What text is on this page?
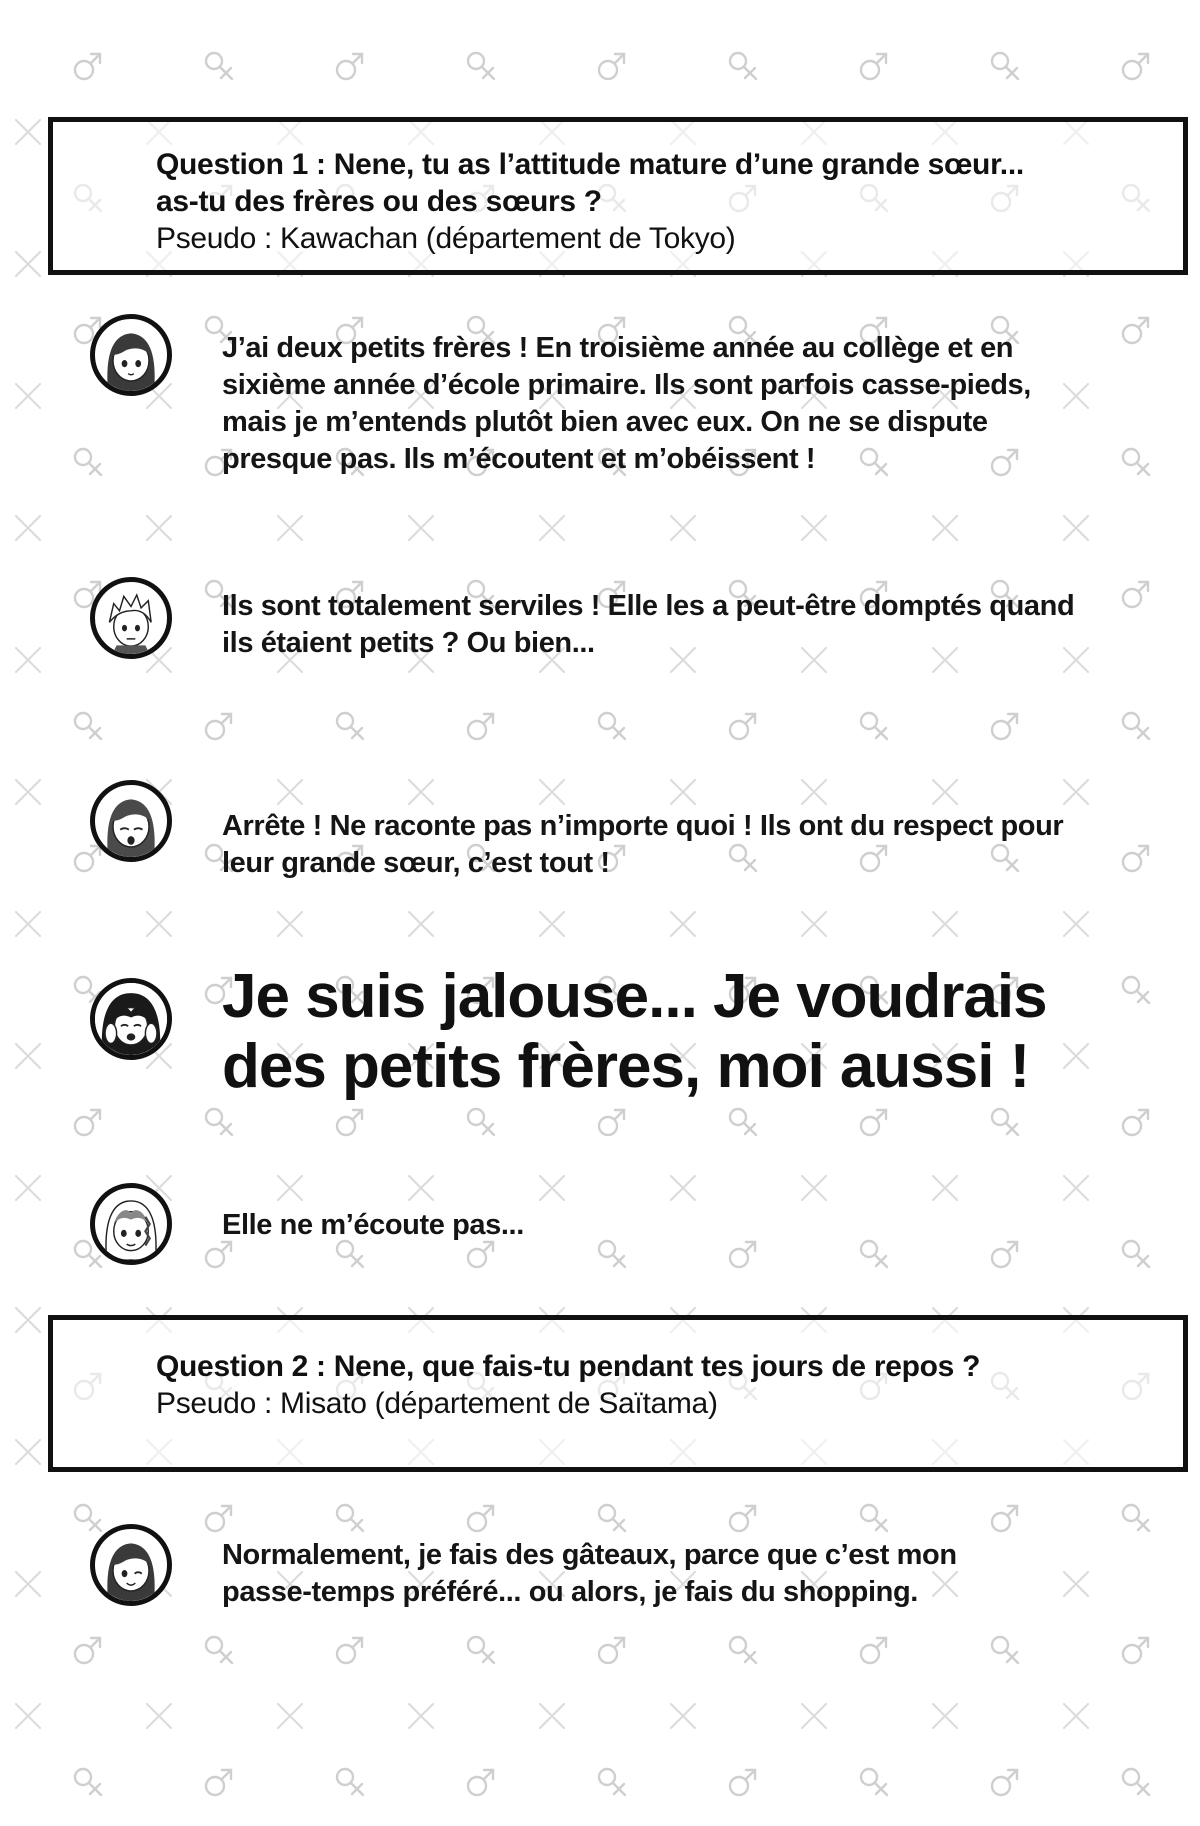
Question 1 : Nene, tu as l’attitude mature d’une grande sœur...
as-tu des frères ou des sœurs ?
Pseudo : Kawachan (département de Tokyo)
J’ai deux petits frères ! En troisième année au collège et en
sixième année d’école primaire. Ils sont parfois casse-pieds,
mais je m’entends plutôt bien avec eux. On ne se dispute
presque pas. Ils m’écoutent et m’obéissent !
Ils sont totalement serviles ! Elle les a peut-être domptés quand
ils étaient petits ? Ou bien...
Arrête ! Ne raconte pas n’importe quoi ! Ils ont du respect pour
leur grande sœur, c’est tout !
Je suis jalouse... Je voudrais
des petits frères, moi aussi !
Elle ne m’écoute pas...
Question 2 : Nene, que fais-tu pendant tes jours de repos ?
Pseudo : Misato (département de Saïtama)
Normalement, je fais des gâteaux, parce que c’est mon
passe-temps préféré... ou alors, je fais du shopping.
